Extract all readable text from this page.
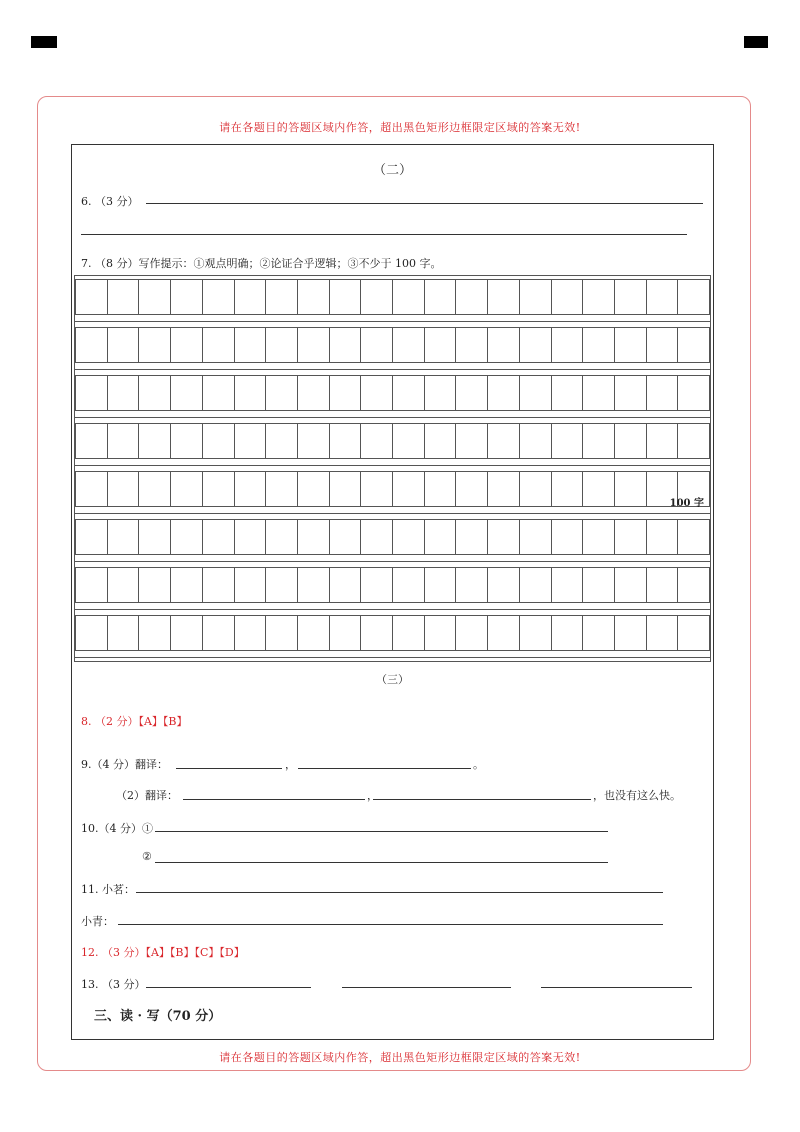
请在各题目的答题区域内作答，超出黑色矩形边框限定区域的答案无效!
请在各题目的答题区域内作答，超出黑色矩形边框限定区域的答案无效!
（二）
6. （3 分）
7. （8 分）写作提示：①观点明确；②论证合乎逻辑；③不少于 100 字。
100 字
（三）
8. （2 分）【A】【B】
9.（4 分）翻译：	，	。
（2）翻译：	，	，也没有这么快。
10.（4 分）①
②
11. 小茗：
小青：
12. （3 分）【A】【B】【C】【D】
13. （3 分）
三、读 · 写（70 分）
